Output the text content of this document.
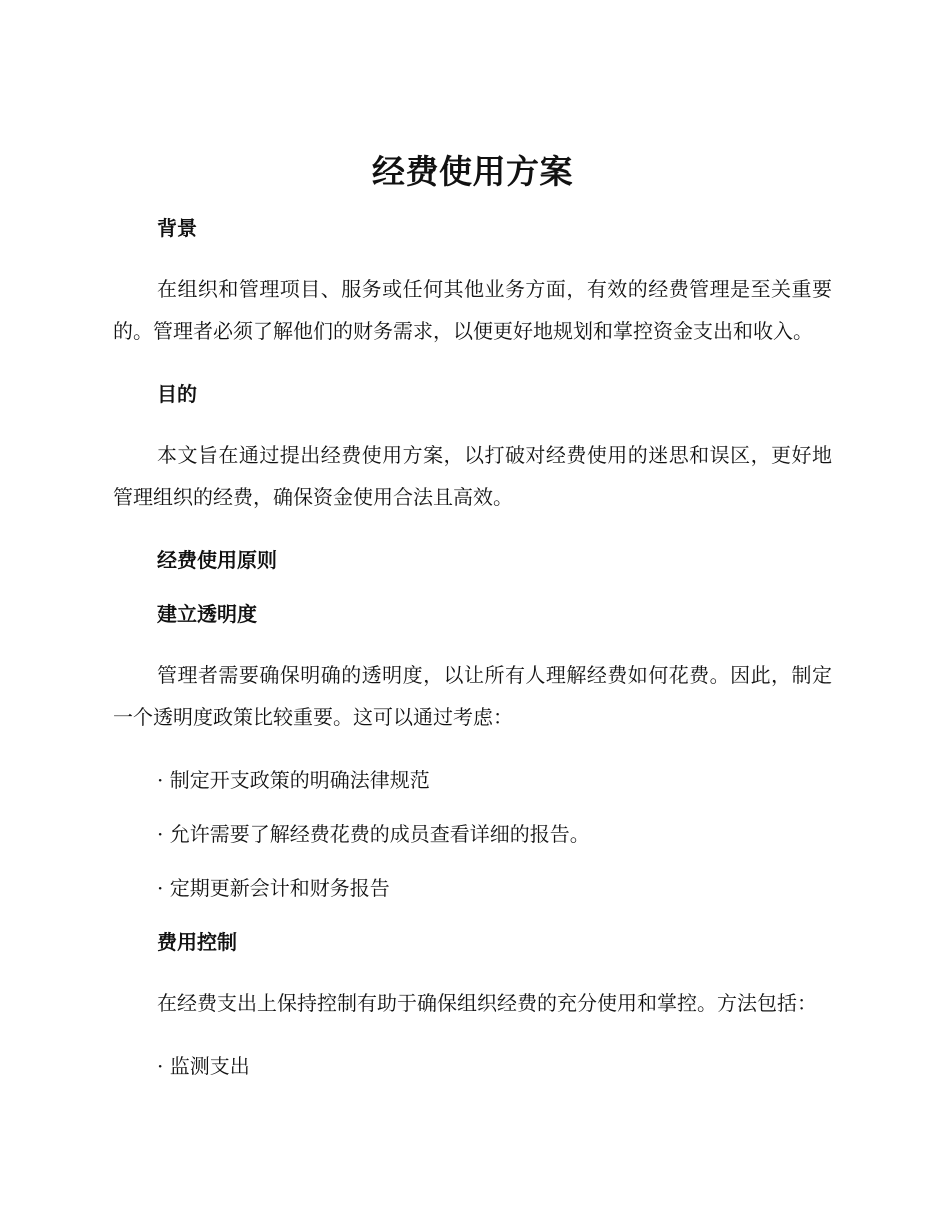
经费使用方案
背景

在组织和管理项目、服务或任何其他业务方面，有效的经费管理是至关重要的。管理者必须了解他们的财务需求，以便更好地规划和掌控资金支出和收入。

目的

本文旨在通过提出经费使用方案，以打破对经费使用的迷思和误区，更好地管理组织的经费，确保资金使用合法且高效。

经费使用原则
建立透明度

管理者需要确保明确的透明度，以让所有人理解经费如何花费。因此，制定一个透明度政策比较重要。这可以通过考虑：

· 制定开支政策的明确法律规范
· 允许需要了解经费花费的成员查看详细的报告。
· 定期更新会计和财务报告
费用控制

在经费支出上保持控制有助于确保组织经费的充分使用和掌控。方法包括：

· 监测支出
